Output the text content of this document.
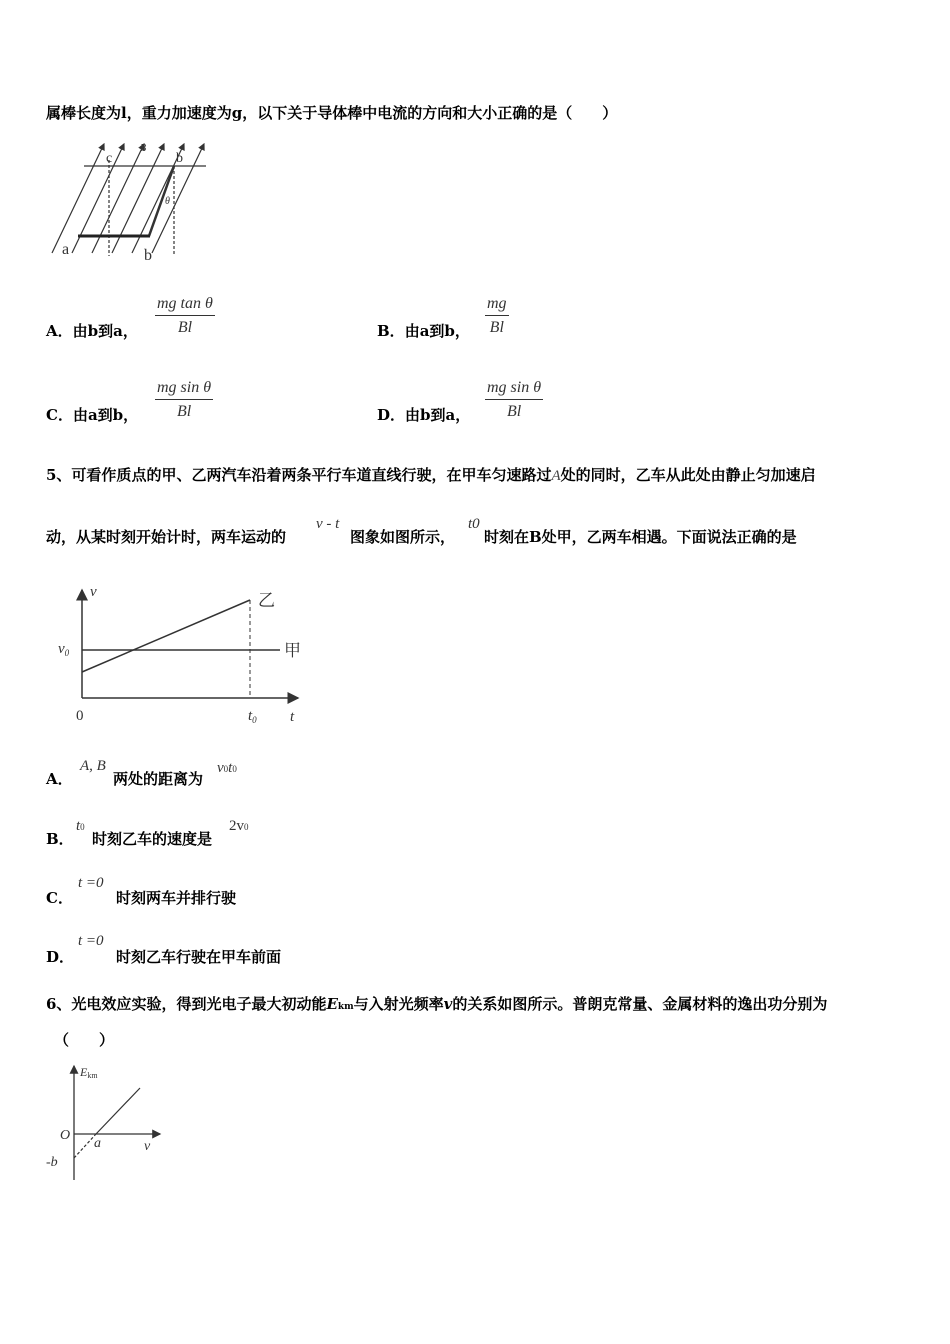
属棒长度为l，重力加速度为g，以下关于导体棒中电流的方向和大小正确的是（　　）
c
B
b
θ
a	b
A．由b到a， $\frac{\text{mg tan θ}}{Bl}$	B．由a到b， $\frac{mg}{Bl}$
C．由a到b， $\frac{\text{mg sin θ}}{Bl}$	D．由b到a， $\frac{\text{mg sin θ}}{Bl}$
5、可看作质点的甲、乙两汽车沿着两条平行车道直线行驶，在甲车匀速路过A处的同时，乙车从此处由静止匀加速启
动，从某时刻开始计时，两车运动的
v - t
图象如图所示，
t0
时刻在B处甲，乙两车相遇。下面说法正确的是
v
$v_0$
0	$t_0$ t
乙
甲
A．
A, B
两处的距离为
v0t0
B．
t0
时刻乙车的速度是
2v0
C．
t =0
时刻两车并排行驶
D．
t =0
时刻乙车行驶在甲车前面
6、光电效应实验，得到光电子最大初动能Ekm与入射光频率v的关系如图所示。普朗克常量、金属材料的逸出功分别为
（　　）
Ekm
O
a	v
-b
